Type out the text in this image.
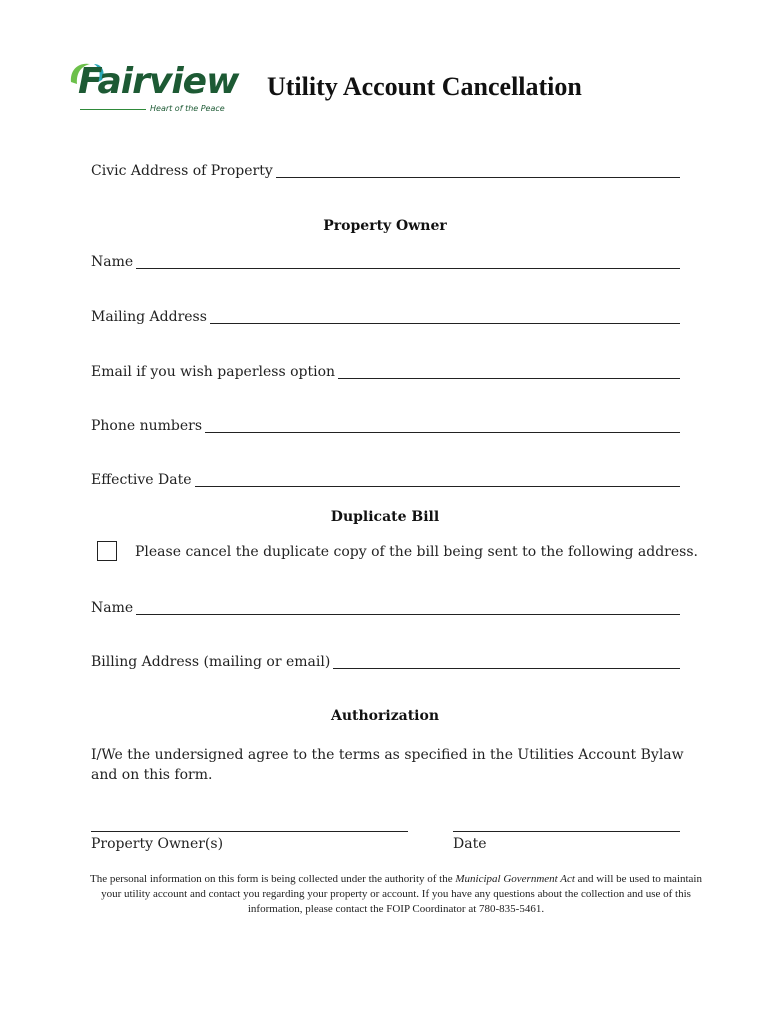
Fairview
Heart of the Peace
Utility Account Cancellation
Civic Address of Property
Property Owner
Name
Mailing Address
Email if you wish paperless option
Phone numbers
Effective Date
Duplicate Bill
Please cancel the duplicate copy of the bill being sent to the following address.
Name
Billing Address (mailing or email)
Authorization
I/We the undersigned agree to the terms as specified in the Utilities Account Bylaw and on this form.
Property Owner(s)	Date
The personal information on this form is being collected under the authority of the Municipal Government Act and will be used to maintain your utility account and contact you regarding your property or account. If you have any questions about the collection and use of this information, please contact the FOIP Coordinator at 780-835-5461.
